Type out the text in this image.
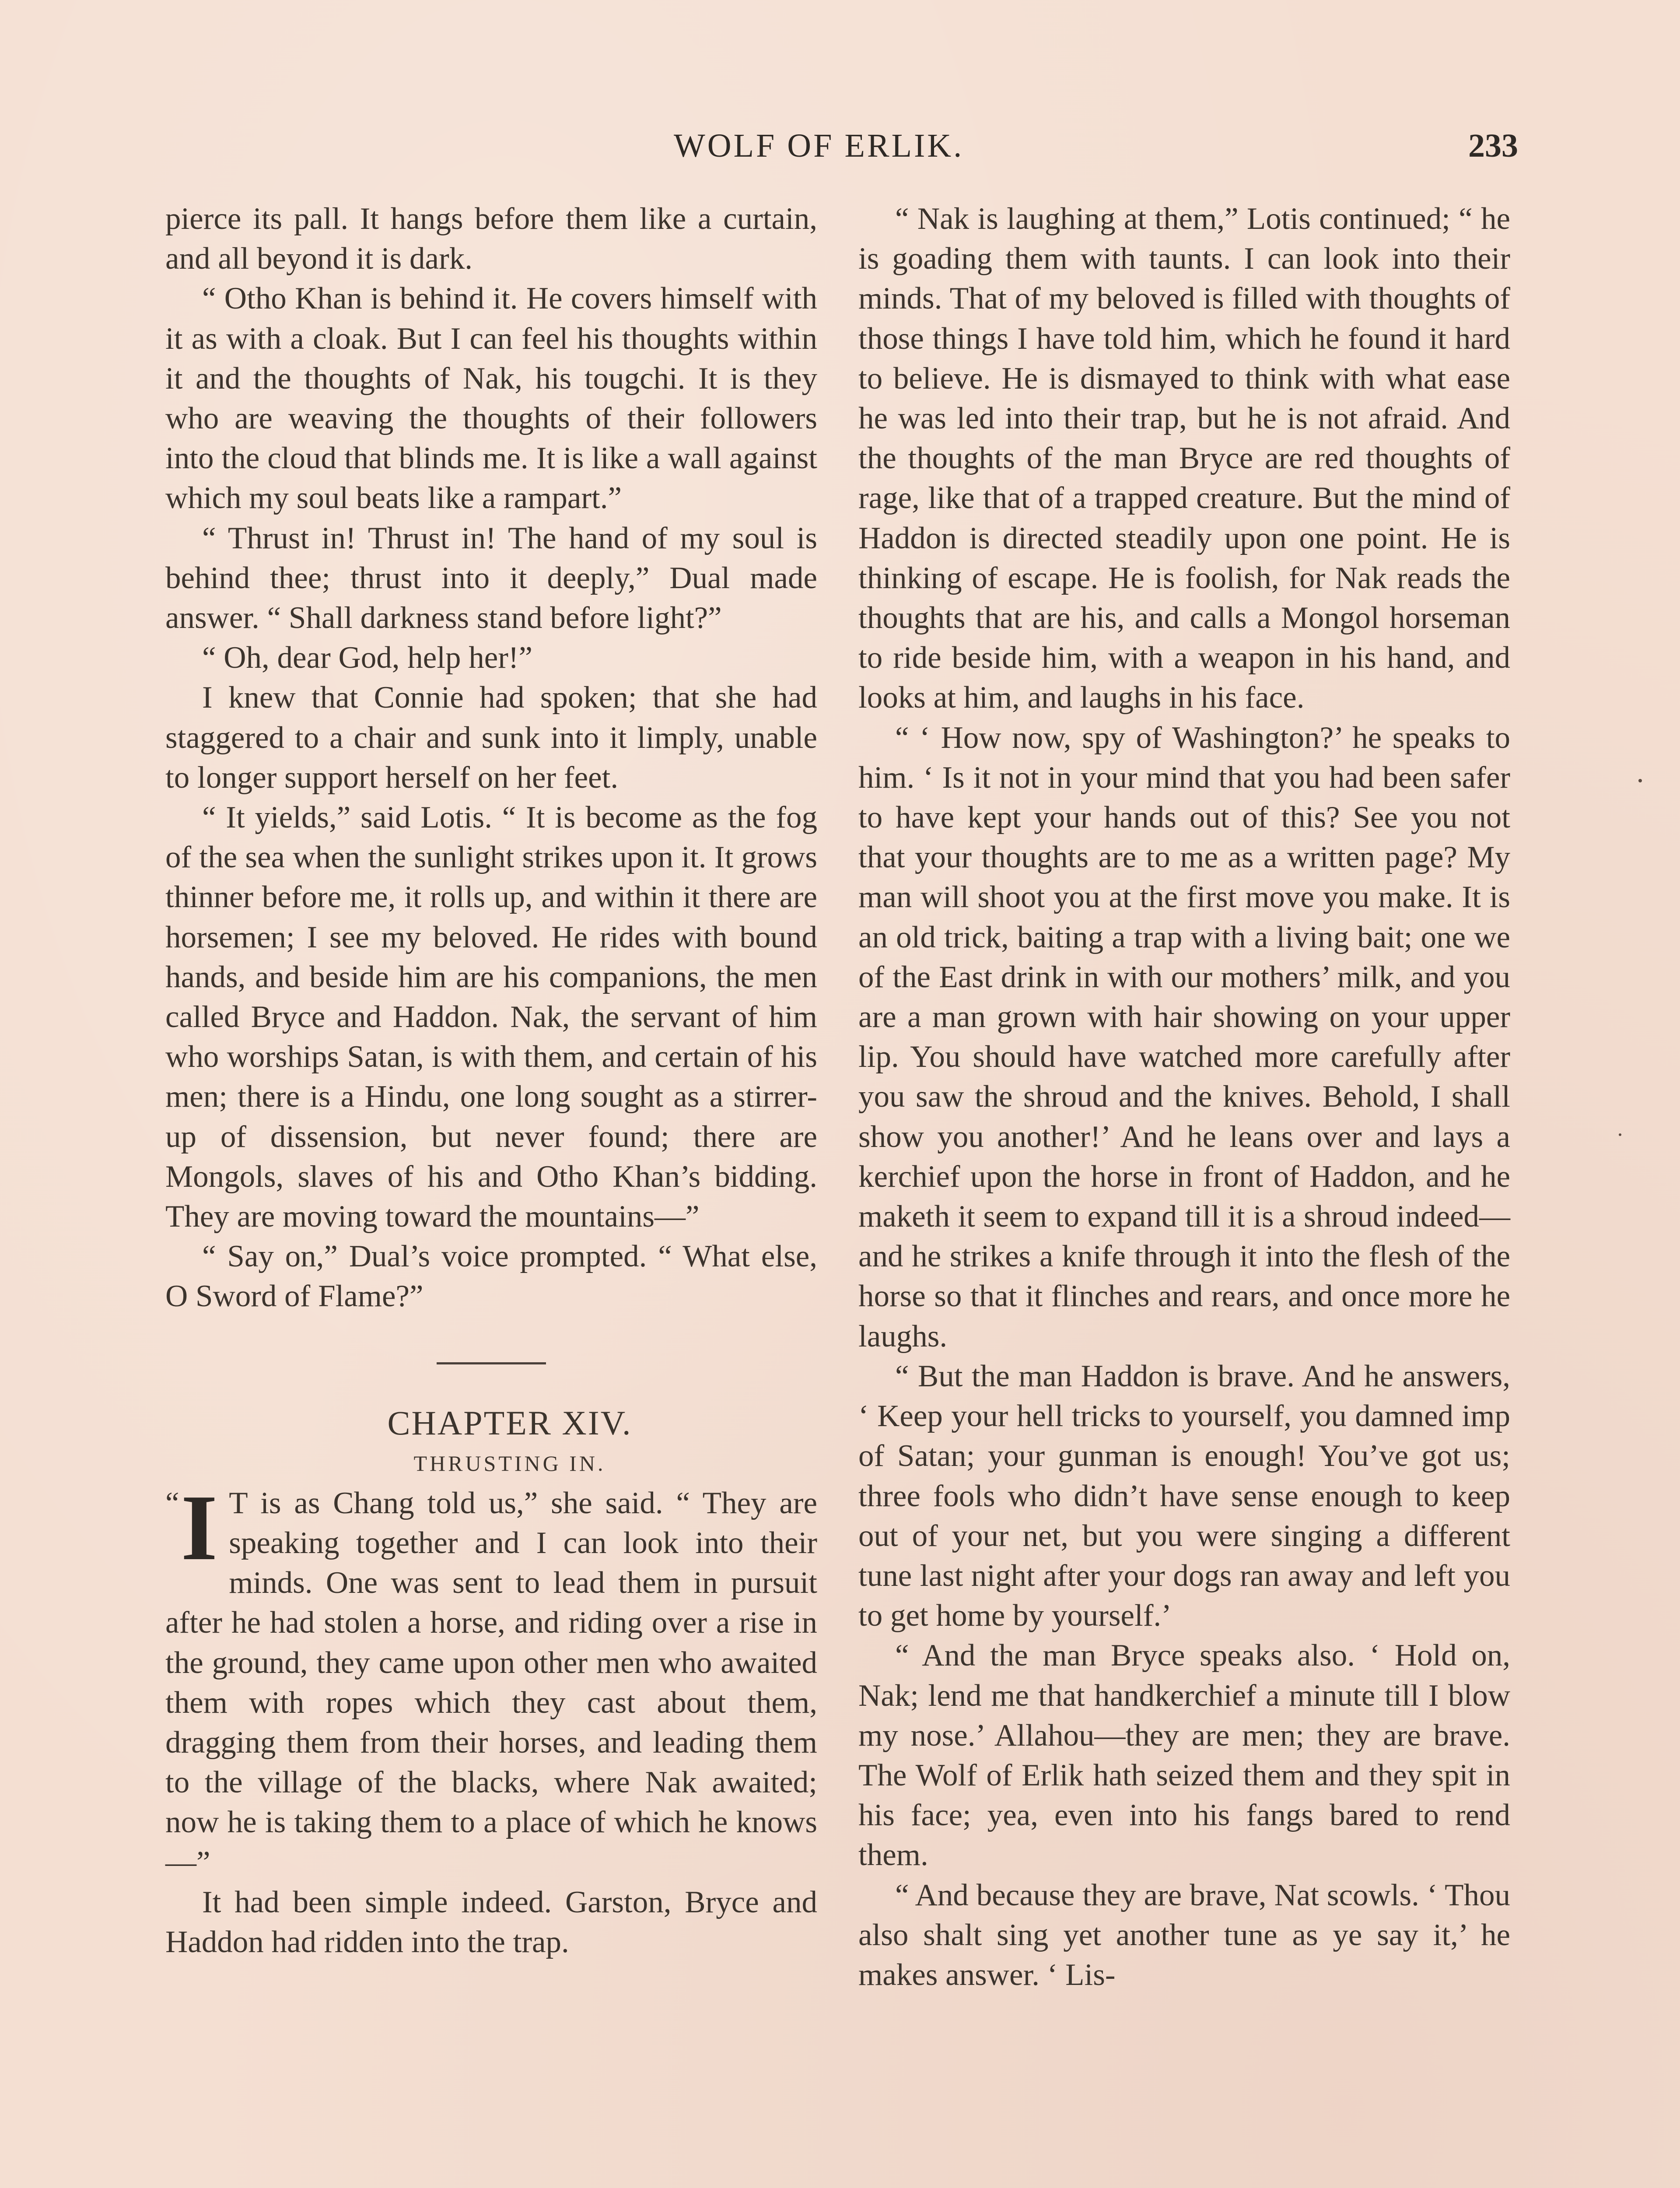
WOLF OF ERLIK.	233

pierce its pall. It hangs before them like a curtain, and all beyond it is dark.

“ Otho Khan is behind it. He covers himself with it as with a cloak. But I can feel his thoughts within it and the thoughts of Nak, his tougchi. It is they who are weaving the thoughts of their followers into the cloud that blinds me. It is like a wall against which my soul beats like a rampart.”

“ Thrust in! Thrust in! The hand of my soul is behind thee; thrust into it deeply,” Dual made answer. “ Shall darkness stand before light?”

“ Oh, dear God, help her!”

I knew that Connie had spoken; that she had staggered to a chair and sunk into it limply, unable to longer support herself on her feet.

“ It yields,” said Lotis. “ It is become as the fog of the sea when the sunlight strikes upon it. It grows thinner before me, it rolls up, and within it there are horsemen; I see my beloved. He rides with bound hands, and beside him are his companions, the men called Bryce and Haddon. Nak, the servant of him who worships Satan, is with them, and certain of his men; there is a Hindu, one long sought as a stirrer-up of dissension, but never found; there are Mongols, slaves of his and Otho Khan’s bidding. They are moving toward the mountains—”

“ Say on,” Dual’s voice prompted. “ What else, O Sword of Flame?”

CHAPTER XIV.

THRUSTING IN.

“ I T is as Chang told us,” she said. “ They are speaking together and I can look into their minds. One was sent to lead them in pursuit after he had stolen a horse, and riding over a rise in the ground, they came upon other men who awaited them with ropes which they cast about them, dragging them from their horses, and leading them to the village of the blacks, where Nak awaited; now he is taking them to a place of which he knows—”

It had been simple indeed. Garston, Bryce and Haddon had ridden into the trap.

“ Nak is laughing at them,” Lotis continued; “ he is goading them with taunts. I can look into their minds. That of my beloved is filled with thoughts of those things I have told him, which he found it hard to believe. He is dismayed to think with what ease he was led into their trap, but he is not afraid. And the thoughts of the man Bryce are red thoughts of rage, like that of a trapped creature. But the mind of Haddon is directed steadily upon one point. He is thinking of escape. He is foolish, for Nak reads the thoughts that are his, and calls a Mongol horseman to ride beside him, with a weapon in his hand, and looks at him, and laughs in his face.

“ ‘ How now, spy of Washington?’ he speaks to him. ‘ Is it not in your mind that you had been safer to have kept your hands out of this? See you not that your thoughts are to me as a written page? My man will shoot you at the first move you make. It is an old trick, baiting a trap with a living bait; one we of the East drink in with our mothers’ milk, and you are a man grown with hair showing on your upper lip. You should have watched more carefully after you saw the shroud and the knives. Behold, I shall show you another!’ And he leans over and lays a kerchief upon the horse in front of Haddon, and he maketh it seem to expand till it is a shroud indeed—and he strikes a knife through it into the flesh of the horse so that it flinches and rears, and once more he laughs.

“ But the man Haddon is brave. And he answers, ‘ Keep your hell tricks to yourself, you damned imp of Satan; your gunman is enough! You’ve got us; three fools who didn’t have sense enough to keep out of your net, but you were singing a different tune last night after your dogs ran away and left you to get home by yourself.’

“ And the man Bryce speaks also. ‘ Hold on, Nak; lend me that handkerchief a minute till I blow my nose.’ Allahou—they are men; they are brave. The Wolf of Erlik hath seized them and they spit in his face; yea, even into his fangs bared to rend them.

“ And because they are brave, Nat scowls. ‘ Thou also shalt sing yet another tune as ye say it,’ he makes answer. ‘ Lis-
